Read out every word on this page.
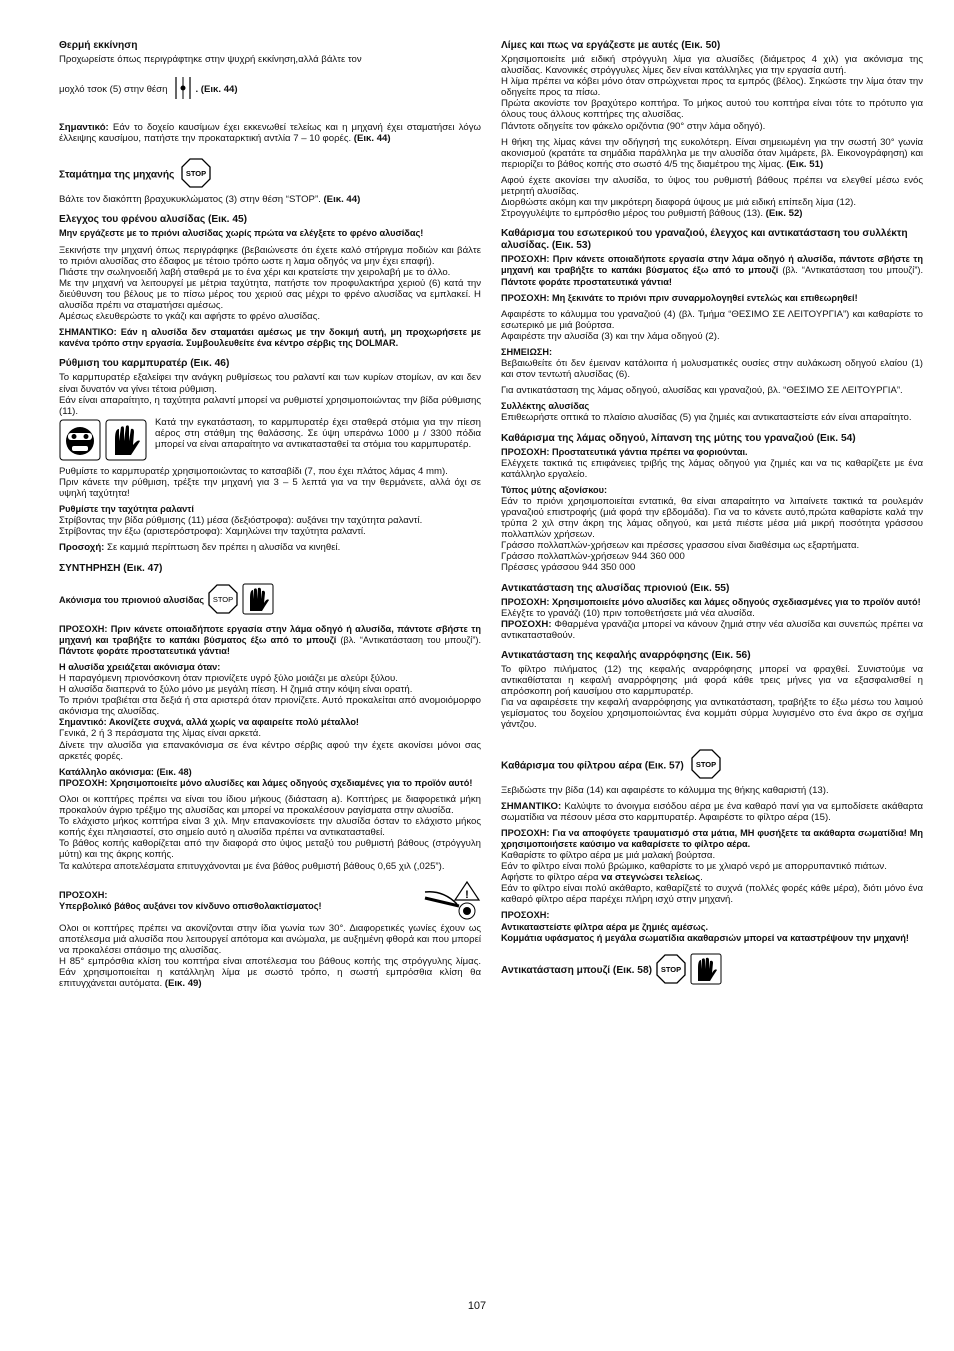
Θερμή εκκίνηση

Προχωρείστε όπως περιγράφτηκε στην ψυχρή εκκίνηση,αλλά βάλτε τον

μοχλό τσοκ (5) στην θέση	. (Εικ. 44)

Σημαντικό: Εάν το δοχείο καυσίμων έχει εκκενωθεί τελείως και η μηχανή έχει σταματήσει λόγω έλλειψης καυσίμου, πατήστε την προκαταρκτική αντλία 7 – 10 φορές. (Εικ. 44)

Σταμάτημα της μηχανής STOP

Βάλτε τον διακόπτη βραχυκυκλώματος (3) στην θέση “STOP”. (Εικ. 44)

Ελεγχος του φρένου αλυσίδας (Εικ. 45)

Μην εργάζεστε με το πριόνι αλυσίδας χωρίς πρώτα να ελέγξετε το φρένο αλυσίδας!

Ξεκινήστε την μηχανή όπως περιγράφηκε (βεβαιώνεστε ότι έχετε καλό στήριγμα ποδιών και βάλτε το πριόνι αλυσίδας στο έδαφος με τέτοιο τρόπο ωστε η λαμα οδηγός να μην έχει επαφή).

Πιάστε την σωληνοειδή λαβή σταθερά με το ένα χέρι και κρατείστε την χειρολαβή με το άλλο.

Με την μηχανή να λειτουργεί με μέτρια ταχύτητα, πατήστε τον προφυλακτήρα χεριού (6) κατά την διεύθυνση του βέλους με το πίσω μέρος του χεριού σας μέχρι το φρένο αλυσίδας να εμπλακεί. Η αλυσίδα πρέπι να σταματήσει αμέσως.

Αμέσως ελευθερώστε το γκάζι και αφήστε το φρένο αλυσίδας.

ΣΗΜΑΝΤΙΚΟ: Εάν η αλυσίδα δεν σταματάει αμέσως με την δοκιμή αυτή, μη προχωρήσετε με κανένα τρόπο στην εργασία. Συμβουλευθείτε ένα κέντρο σέρβις της DOLMAR.

Ρύθμιση του καρμπυρατέρ (Εικ. 46)

Το καρμπυρατέρ εξαλείφει την ανάγκη ρυθμίσεως του ραλαντί και των κυρίων στομίων, αν και δεν είναι δυνατόν να γίνει τέτοια ρύθμιση.

Εάν είναι απαραίτητο, η ταχύτητα ραλαντί μπορεί να ρυθμιστεί χρησιμοποιώντας την βίδα ρύθμισης (11).

Κατά την εγκατάσταση, το καρμπυρατέρ έχει σταθερά στόμια για την πίεση αέρος στη στάθμη της θαλάσσης. Σε ύψη υπεράνω 1000 μ / 3300 πόδια μπορεί να είναι απαραίτητο να αντικατασταθεί τα στόμια του καρμπυρατέρ.

Ρυθμίστε το καρμπυρατέρ χρησιμοποιώντας το κατσαβίδι (7, που έχει πλάτος λάμας 4 mm).

Πριν κάνετε την ρύθμιση, τρέξτε την μηχανή για 3 – 5 λεπτά για να την θερμάνετε, αλλά όχι σε υψηλή ταχύτητα!

Ρυθμίστε την ταχύτητα ραλαντί

Στρίβοντας την βίδα ρύθμισης (11) μέσα (δεξιόστροφα): αυξάνει την ταχύτητα ραλαντί.

Στρίβοντας την έξω (αριστερόστροφα): Χαμηλώνει την ταχύτητα ραλαντί.

Προσοχή: Σε καμμιά περίπτωση δεν πρέπει η αλυσίδα να κινηθεί.

ΣΥΝΤΗΡΗΣΗ (Εικ. 47)
Ακόνισμα του πριονιού αλυσίδας STOP

ΠΡΟΣΟΧΗ: Πριν κάνετε οποιαδήποτε εργασία στην λάμα οδηγό ή αλυσίδα, πάντοτε σβήστε τη μηχανή και τραβήξτε το καπάκι βύσματος έξω από το μπουζί (βλ. “Αντικατάσταση του μπουζί”). Πάντοτε φοράτε προστατευτικά γάντια!

Η αλυσίδα χρειάζεται ακόνισμα όταν:

Η παραγόμενη πριονόσκονη όταν πριονίζετε υγρό ξύλο μοιάζει με αλεύρι ξύλου.

Η αλυσίδα διαπερνά το ξύλο μόνο με μεγάλη πίεση. Η ζημιά στην κόψη είναι ορατή.

Το πριόνι τραβιέται στα δεξιά ή στα αριστερά όταν πριονίζετε. Αυτό προκαλείται από ανομοιόμορφο ακόνισμα της αλυσίδας.

Σημαντικό: Ακονίζετε συχνά, αλλά χωρίς να αφαιρείτε πολύ μέταλλο!

Γενικά, 2 ή 3 περάσματα της λίμας είναι αρκετά.

Δίνετε την αλυσίδα για επανακόνισμα σε ένα κέντρο σέρβις αφού την έχετε ακονίσει μόνοι σας αρκετές φορές.

Κατάλληλο ακόνισμα: (Εικ. 48)

ΠΡΟΣΟΧΗ: Χρησιμοποιείτε μόνο αλυσίδες και λάμες οδηγούς σχεδιαμένες για το προϊόν αυτό!

Ολοι οι κοπτήρες πρέπει να είναι του ίδιου μήκους (διάσταση a). Κοπτήρες με διαφορετικά μήκη προκαλούν άγριο τρέξιμο της αλυσίδας και μπορεί να προκαλέσουν ραγίσματα στην αλυσίδα.

Το ελάχιστο μήκος κοπτήρα είναι 3 χιλ. Μην επανακονίσετε την αλυσίδα όσταν το ελάχιστο μήκος κοπής έχει πλησιαστεί, στο σημείο αυτό η αλυσίδα πρέπει να αντικατασταθεί.

Το βάθος κοπής καθορίζεται από την διαφορά στο ύψος μεταξύ του ρυθμιστή βάθους (στρόγγυλη μύτη) και της άκρης κοπής.

Τα καλύτερα αποτελέσματα επιτυγχάνονται με ένα βάθος ρυθμιστή βάθους 0,65 χιλ (,025”).

ΠΡΟΣΟΧΗ:

Υπερβολικό βάθος αυξάνει τον κίνδυνο οπισθολακτίσματος!

!

Ολοι οι κοπτήρες πρέπει να ακονίζονται στην ίδια γωνία των 30°. Διαφορετικές γωνίες έχουν ως αποτέλεσμα μιά αλυσίδα που λειτουργεί απότομα και ανώμαλα, με αυξημένη φθορά και που μπορεί να προκαλέσει σπάσιμο της αλυσίδας.

Η 85° εμπρόσθια κλίση του κοπτήρα είναι αποτέλεσμα του βάθους κοπής της στρόγγυλης λίμας. Εάν χρησιμοποιείται η κατάλληλη λίμα με σωστό τρόπο, η σωστή εμπρόσθια κλίση θα επιτυγχάνεται αυτόματα. (Εικ. 49)

Λίμες και πως να εργάζεστε με αυτές (Εικ. 50)

Χρησιμοποιείτε μιά ειδική στρόγγυλη λίμα για αλυσίδες (διάμετρος 4 χιλ) για ακόνισμα της αλυσίδας. Κανονικές στρόγγυλες λίμες δεν είναι κατάλληλες για την εργασία αυτή.

Η λίμα πρέπει να κόβει μόνο όταν σπρώχνεται προς τα εμπρός (βέλος). Σηκώστε την λίμα όταν την οδηγείτε προς τα πίσω.

Πρώτα ακονίστε τον βραχύτερο κοπτήρα. Το μήκος αυτού του κοπτήρα είναι τότε το πρότυπο για όλους τους άλλους κοπτήρες της αλυσίδας.

Πάντοτε οδηγείτε τον φάκελο οριζόντια (90° στην λάμα οδηγό).

Η θήκη της λίμας κάνει την οδήγησή της ευκολότερη. Είναι σημειωμένη για την σωστή 30° γωνία ακονισμού (κρατάτε τα σημάδια παράλληλα με την αλυσίδα όταν λιμάρετε, βλ. Εικονογράφηση) και περιορίζει το βάθος κοπής στο σωστό 4/5 της διαμέτρου της λίμας. (Εικ. 51)

Αφού έχετε ακονίσει την αλυσίδα, το ύψος του ρυθμιστή βάθους πρέπει να ελεγθεί μέσω ενός μετρητή αλυσίδας.

Διορθώστε ακόμη και την μικρότερη διαφορά ύψους με μιά ειδική επίπεδη λίμα (12).

Στρογγυλέψτε το εμπρόσθιο μέρος του ρυθμιστή βάθους (13). (Εικ. 52)

Καθάρισμα του εσωτερικού του γραναζιού, έλεγχος και αντικατάσταση του συλλέκτη αλυσίδας. (Εικ. 53)

ΠΡΟΣΟΧΗ: Πριν κάνετε οποιαδήποτε εργασία στην λάμα οδηγό ή αλυσίδα, πάντοτε σβήστε τη μηχανή και τραβήξτε το καπάκι βύσματος έξω από το μπουζί (βλ. “Αντικατάσταση του μπουζί”). Πάντοτε φοράτε προστατευτικά γάντια!

ΠΡΟΣΟΧΗ: Μη ξεκινάτε το πριόνι πριν συναρμολογηθεί εντελώς και επιθεωρηθεί!

Αφαιρέστε το κάλυμμα του γραναζιού (4) (βλ. Τμήμα “ΘΕΣΙΜΟ ΣΕ ΛΕΙΤΟΥΡΓΙΑ”) και καθαρίστε το εσωτερικό με μιά βούρτσα.

Αφαιρέστε την αλυσίδα (3) και την λάμα οδηγού (2).

ΣΗΜΕΙΩΣΗ:

Βεβαιωθείτε ότι δεν έμειναν κατάλοιπα ή μολυσματικές ουσίες στην αυλάκωση οδηγού ελαίου (1) και στον τεντωτή αλυσίδας (6).

Για αντικατάσταση της λάμας οδηγού, αλυσίδας και γραναζιού, βλ. “ΘΕΣΙΜΟ ΣΕ ΛΕΙΤΟΥΡΓΙΑ”.

Συλλέκτης αλυσίδας

Επιθεωρήστε οπτικά το πλαίσιο αλυσίδας (5) για ζημιές και αντικαταστείστε εάν είναι απαραίτητο.

Καθάρισμα της λάμας οδηγού, λίπανση της μύτης του γραναζιού (Εικ. 54)

ΠΡΟΣΟΧΗ: Προστατευτικά γάντια πρέπει να φοριούνται.

Ελέγχετε τακτικά τις επιφάνειες τριβής της λάμας οδηγού για ζημιές και να τις καθαρίζετε με ένα κατάλληλο εργαλείο.

Τύπος μύτης αξονίσκου:

Εάν το πριόνι χρησιμοποιείται εντατικά, θα είναι απαραίτητο να λιπαίνετε τακτικά τα ρουλεμάν γραναζιού επιστροφής (μιά φορά την εβδομάδα). Για να το κάνετε αυτό,πρώτα καθαρίστε καλά την τρύπα 2 χιλ στην άκρη της λάμας οδηγού, και μετά πιέστε μέσα μιά μικρή ποσότητα γράσσου πολλαπλών χρήσεων.

Γράσσο πολλαπλών-χρήσεων και πρέσσες γρασσου είναι διαθέσιμα ως εξαρτήματα.

Γράσσο πολλαπλών-χρήσεων 944 360 000

Πρέσσες γράσσου 944 350 000

Αντικατάσταση της αλυσίδας πριονιού (Εικ. 55)

ΠΡΟΣΟΧΗ: Χρησιμοποιείτε μόνο αλυσίδες και λάμες οδηγούς σχεδιασμένες για το προϊόν αυτό!

Ελέγξτε το γρανάζι (10) πριν τοποθετήσετε μιά νέα αλυσίδα.

ΠΡΟΣΟΧΗ: Φθαρμένα γρανάζια μπορεί να κάνουν ζημιά στην νέα αλυσίδα και συνεπώς πρέπει να αντικατασταθούν.

Αντικατάσταση της κεφαλής αναρρόφησης (Εικ. 56)

Το φίλτρο πιλήματος (12) της κεφαλής αναρρόφησης μπορεί να φραχθεί. Συνιστούμε να αντικαθίσταται η κεφαλή αναρρόφησης μιά φορά κάθε τρεις μήνες για να εξασφαλισθεί η απρόσκοπη ροή καυσίμου στο καρμπυρατέρ.

Για να αφαιρέσετε την κεφαλή αναρρόφησης για αντικατάσταση, τραβήξτε το έξω μέσω του λαιμού γεμίσματος του δοχείου χρησιμοποιώντας ένα κομμάτι σύρμα λυγισμένο στο ένα άκρο σε σχήμα γάντζου.

Καθάρισμα του φίλτρου αέρα (Εικ. 57) STOP

Ξεβιδώστε την βίδα (14) και αφαιρέστε το κάλυμμα της θήκης καθαριστή (13).

ΣΗΜΑΝΤΙΚΟ: Καλύψτε το άνοιγμα εισόδου αέρα με ένα καθαρό πανί για να εμποδίσετε ακάθαρτα σωματίδια να πέσουν μέσα στο καρμπυρατέρ. Αφαιρέστε το φίλτρο αέρα (15).

ΠΡΟΣΟΧΗ: Για να αποφύγετε τραυματισμό στα μάτια, ΜΗ φυσήξετε τα ακάθαρτα σωματίδια! Μη χρησιμοποιήσετε καύσιμο να καθαρίσετε το φίλτρο αέρα.

Καθαρίστε το φίλτρο αέρα με μιά μαλακή βούρτσα.

Εάν το φίλτρο είναι πολύ βρώμικο, καθαρίστε το με χλιαρό νερό με απορρυπαντικό πιάτων.

Αφήστε το φίλτρο αέρα να στεγνώσει τελείως.

Εάν το φίλτρο είναι πολύ ακάθαρτο, καθαρίζετέ το συχνά (πολλές φορές κάθε μέρα), διότι μόνο ένα καθαρό φίλτρο αέρα παρέχει πλήρη ισχύ στην μηχανή.

ΠΡΟΣΟΧΗ:

Αντικαταστείστε φίλτρα αέρα με ζημιές αμέσως.

Κομμάτια υφάσματος ή μεγάλα σωματίδια ακαθαρσιών μπορεί να καταστρέψουν την μηχανή!

Αντικατάσταση μπουζί (Εικ. 58) STOP
107
